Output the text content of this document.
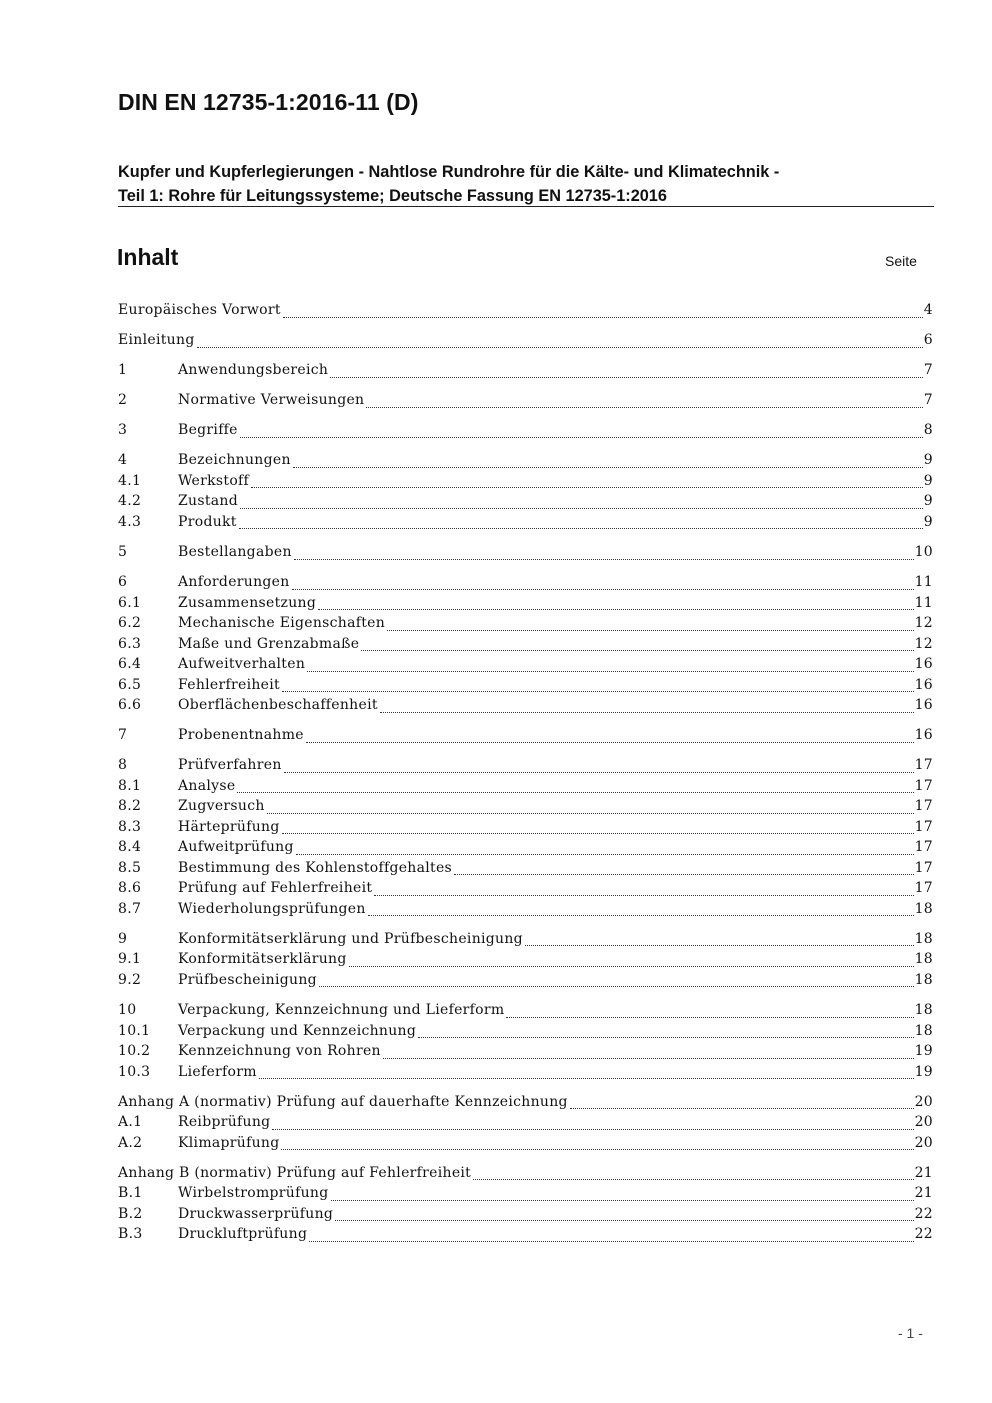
DIN EN 12735-1:2016-11 (D)
Kupfer und Kupferlegierungen - Nahtlose Rundrohre für die Kälte- und Klimatechnik -
Teil 1: Rohre für Leitungssysteme; Deutsche Fassung EN 12735-1:2016
Inhalt	Seite
Europäisches Vorwort	4
Einleitung	6
1	Anwendungsbereich	7
2	Normative Verweisungen	7
3	Begriffe	8
4	Bezeichnungen	9
4.1	Werkstoff	9
4.2	Zustand	9
4.3	Produkt	9
5	Bestellangaben	10
6	Anforderungen	11
6.1	Zusammensetzung	11
6.2	Mechanische Eigenschaften	12
6.3	Maße und Grenzabmaße	12
6.4	Aufweitverhalten	16
6.5	Fehlerfreiheit	16
6.6	Oberflächenbeschaffenheit	16
7	Probenentnahme	16
8	Prüfverfahren	17
8.1	Analyse	17
8.2	Zugversuch	17
8.3	Härteprüfung	17
8.4	Aufweitprüfung	17
8.5	Bestimmung des Kohlenstoffgehaltes	17
8.6	Prüfung auf Fehlerfreiheit	17
8.7	Wiederholungsprüfungen	18
9	Konformitätserklärung und Prüfbescheinigung	18
9.1	Konformitätserklärung	18
9.2	Prüfbescheinigung	18
10	Verpackung, Kennzeichnung und Lieferform	18
10.1	Verpackung und Kennzeichnung	18
10.2	Kennzeichnung von Rohren	19
10.3	Lieferform	19
Anhang A (normativ) Prüfung auf dauerhafte Kennzeichnung	20
A.1	Reibprüfung	20
A.2	Klimaprüfung	20
Anhang B (normativ) Prüfung auf Fehlerfreiheit	21
B.1	Wirbelstromprüfung	21
B.2	Druckwasserprüfung	22
B.3	Druckluftprüfung	22
- 1 -
